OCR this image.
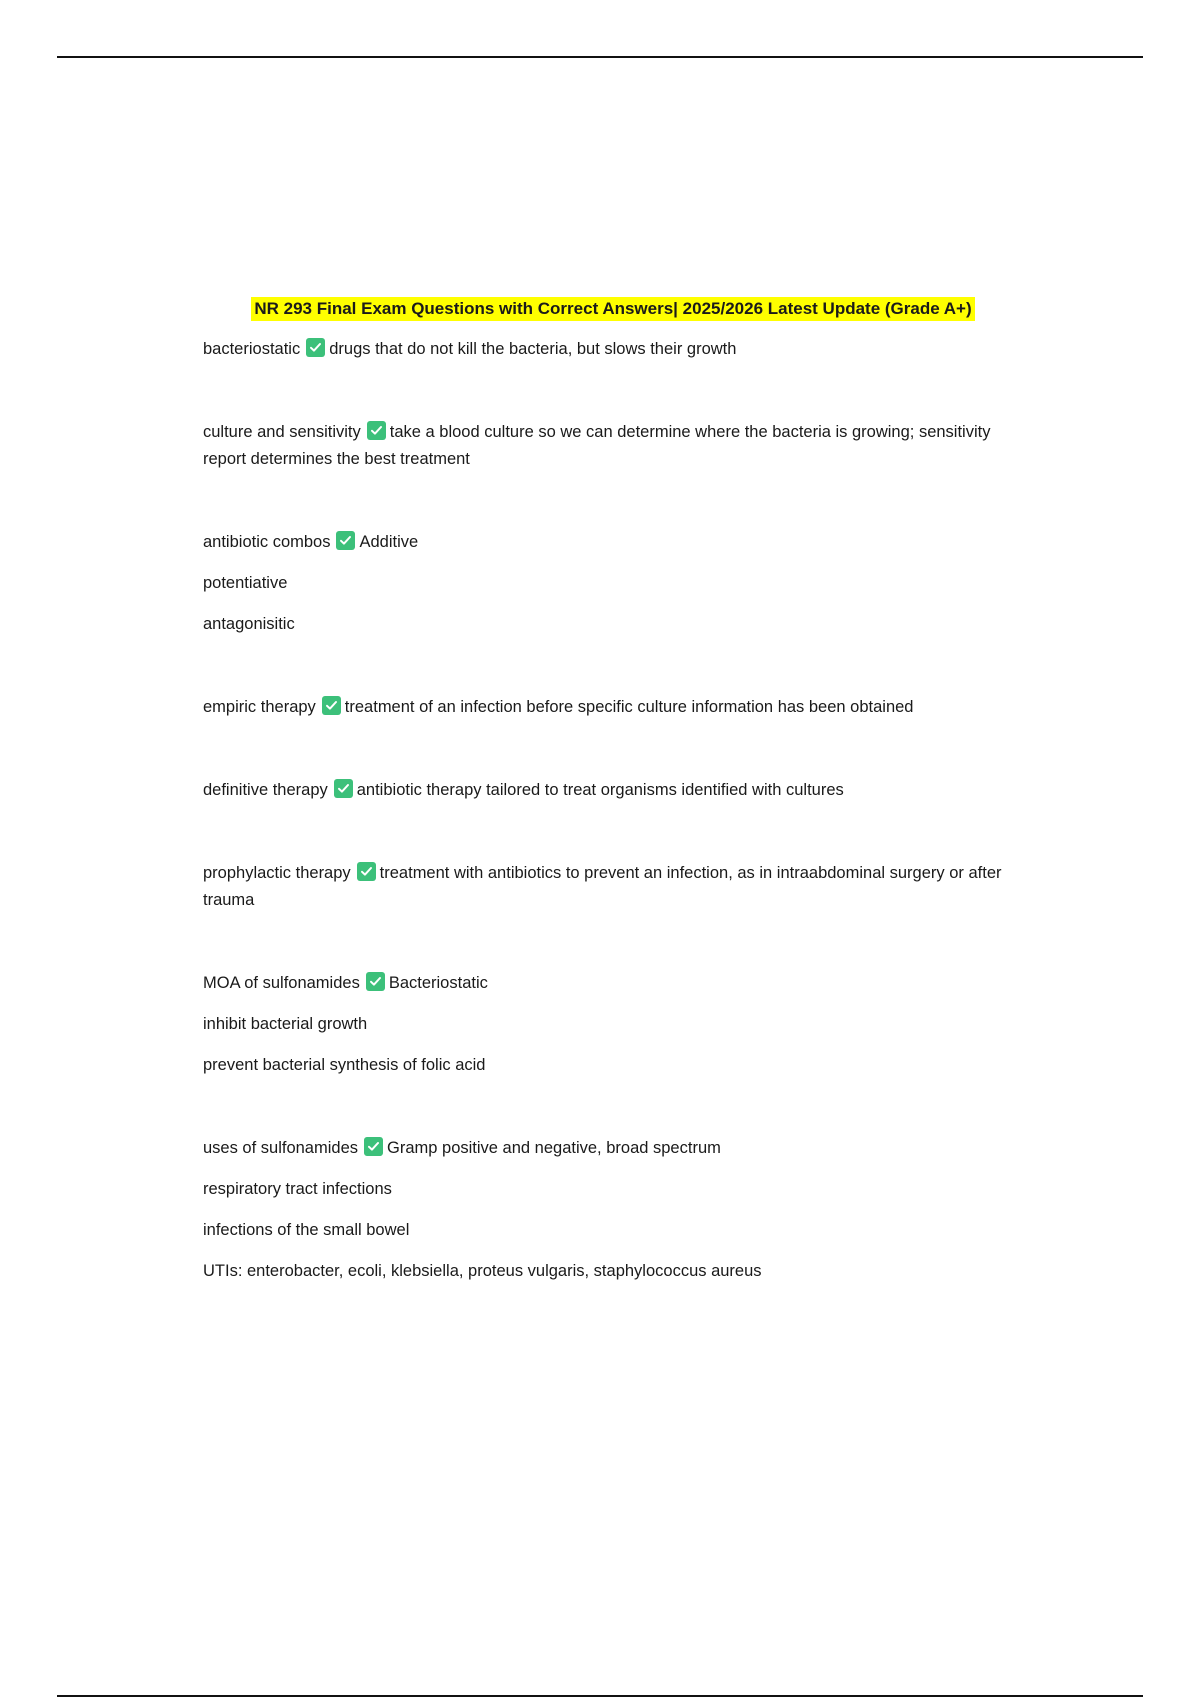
NR 293 Final Exam Questions with Correct Answers| 2025/2026 Latest Update (Grade A+)
bacteriostatic drugs that do not kill the bacteria, but slows their growth
culture and sensitivity take a blood culture so we can determine where the bacteria is growing; sensitivity report determines the best treatment
antibiotic combos Additive
potentiative
antagonisitic
empiric therapy treatment of an infection before specific culture information has been obtained
definitive therapy antibiotic therapy tailored to treat organisms identified with cultures
prophylactic therapy treatment with antibiotics to prevent an infection, as in intraabdominal surgery or after trauma
MOA of sulfonamides Bacteriostatic
inhibit bacterial growth
prevent bacterial synthesis of folic acid
uses of sulfonamides Gramp positive and negative, broad spectrum
respiratory tract infections
infections of the small bowel
UTIs: enterobacter, ecoli, klebsiella, proteus vulgaris, staphylococcus aureus
